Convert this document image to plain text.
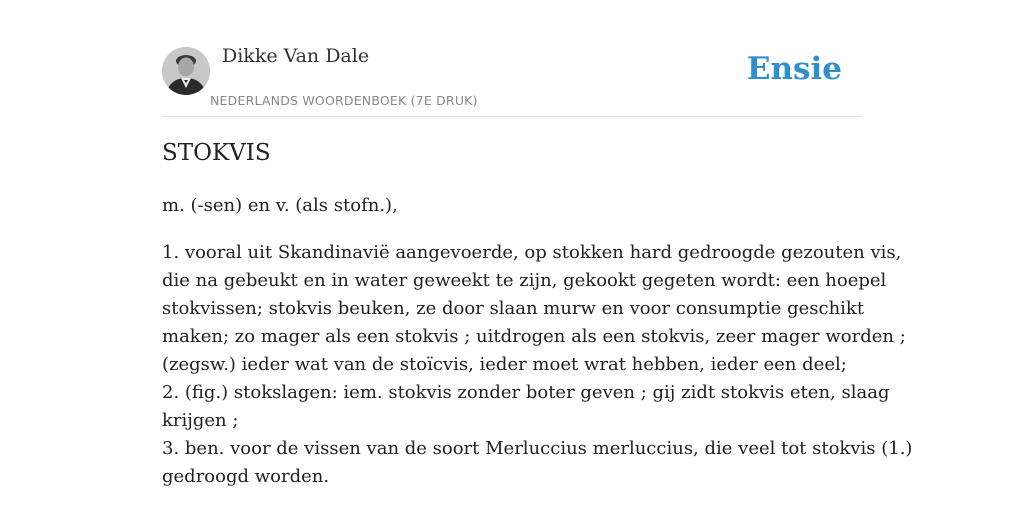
Dikke Van Dale
NEDERLANDS WOORDENBOEK (7E DRUK)
Ensie
STOKVIS

m. (-sen) en v. (als stofn.),

1. vooral uit Skandinavië aangevoerde, op stokken hard gedroogde gezouten vis,
die na gebeukt en in water geweekt te zijn, gekookt gegeten wordt: een hoepel
stokvissen; stokvis beuken, ze door slaan murw en voor consumptie geschikt
maken; zo mager als een stokvis ; uitdrogen als een stokvis, zeer mager worden ;
(zegsw.) ieder wat van de stoïcvis, ieder moet wrat hebben, ieder een deel;
2. (fig.) stokslagen: iem. stokvis zonder boter geven ; gij zidt stokvis eten, slaag
krijgen ;
3. ben. voor de vissen van de soort Merluccius merluccius, die veel tot stokvis (1.)
gedroogd worden.
